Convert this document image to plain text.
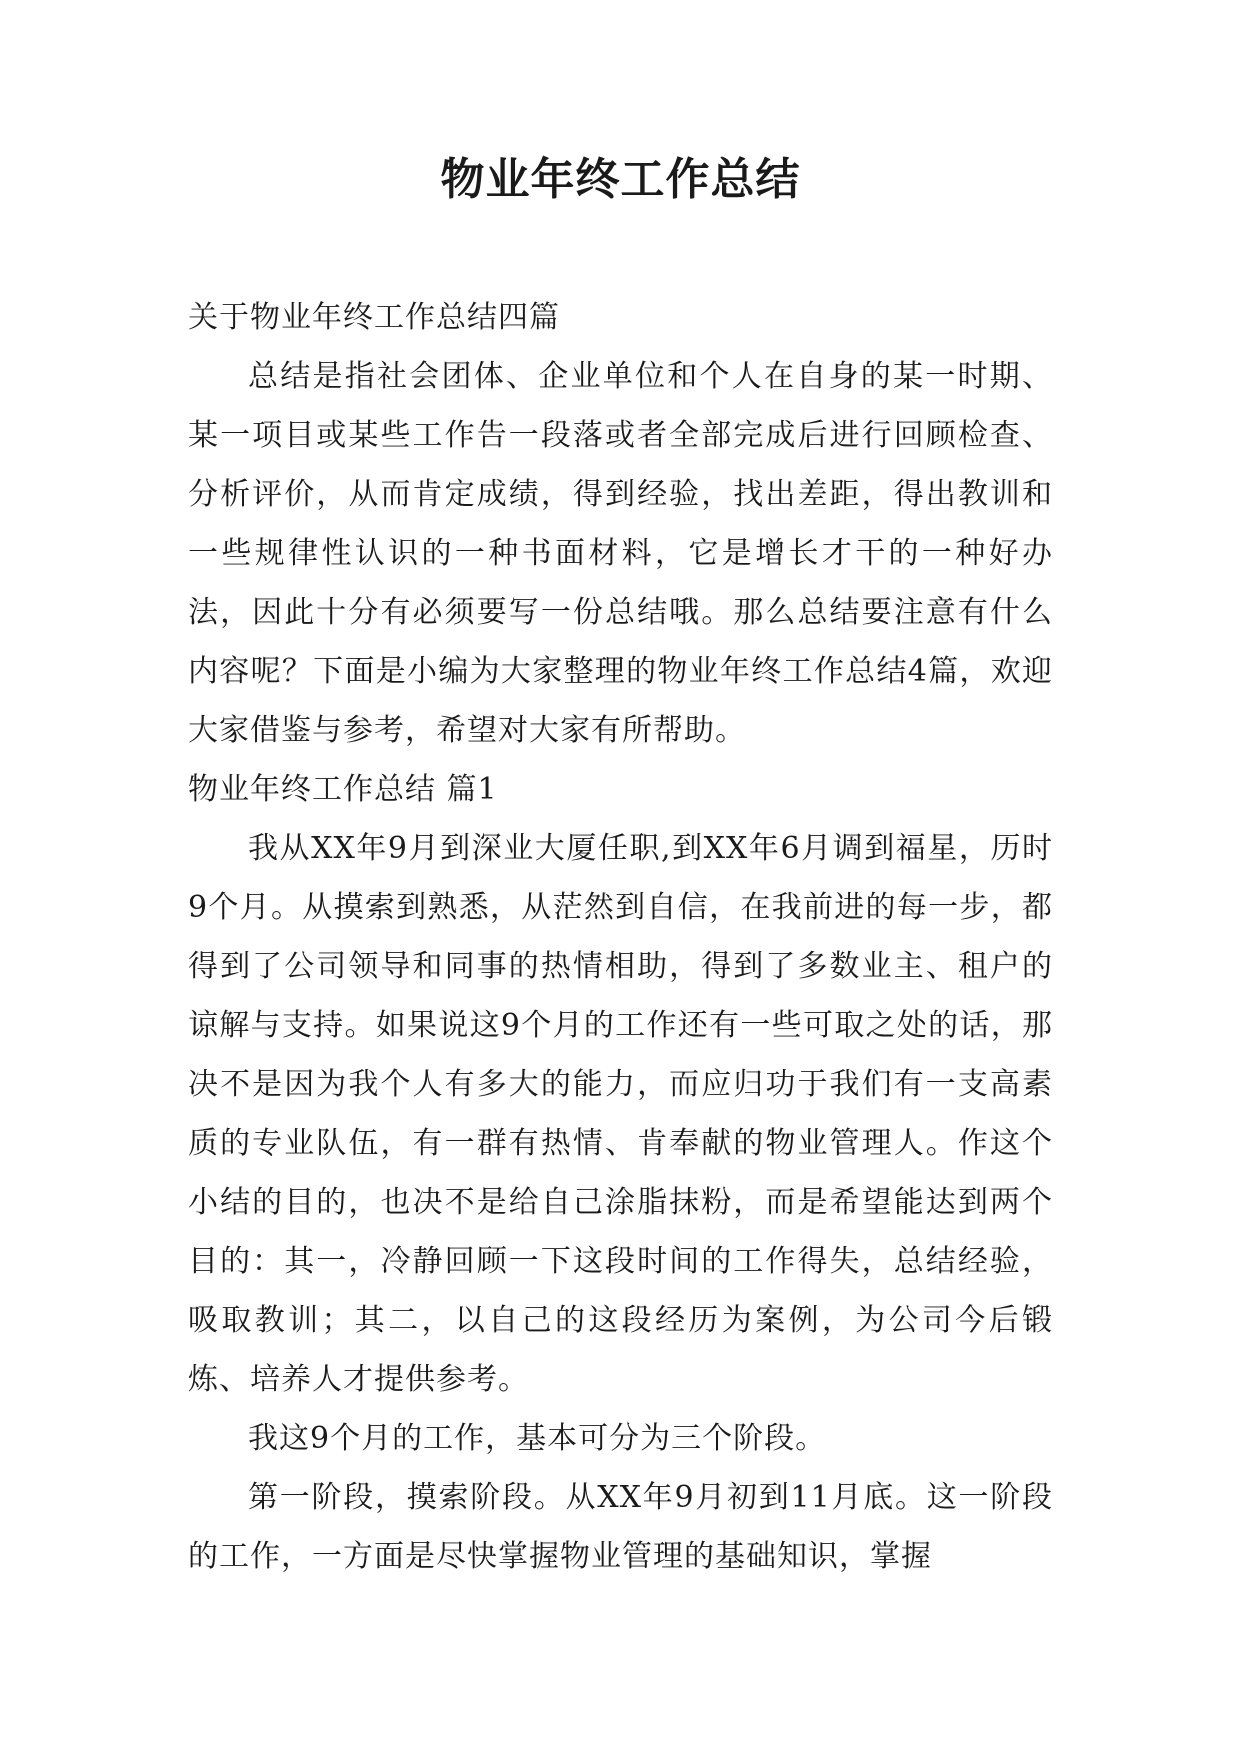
物业年终工作总结

关于物业年终工作总结四篇

总结是指社会团体、企业单位和个人在自身的某一时期、某一项目或某些工作告一段落或者全部完成后进行回顾检查、分析评价，从而肯定成绩，得到经验，找出差距，得出教训和一些规律性认识的一种书面材料，它是增长才干的一种好办法，因此十分有必须要写一份总结哦。那么总结要注意有什么内容呢？下面是小编为大家整理的物业年终工作总结4篇，欢迎大家借鉴与参考，希望对大家有所帮助。

物业年终工作总结 篇1

我从XX年9月到深业大厦任职,到XX年6月调到福星，历时9个月。从摸索到熟悉，从茫然到自信，在我前进的每一步，都得到了公司领导和同事的热情相助，得到了多数业主、租户的谅解与支持。如果说这9个月的工作还有一些可取之处的话，那决不是因为我个人有多大的能力，而应归功于我们有一支高素质的专业队伍，有一群有热情、肯奉献的物业管理人。作这个小结的目的，也决不是给自己涂脂抹粉，而是希望能达到两个目的：其一，冷静回顾一下这段时间的工作得失，总结经验，吸取教训；其二，以自己的这段经历为案例，为公司今后锻炼、培养人才提供参考。

我这9个月的工作，基本可分为三个阶段。

第一阶段，摸索阶段。从XX年9月初到11月底。这一阶段的工作，一方面是尽快掌握物业管理的基础知识，掌握
